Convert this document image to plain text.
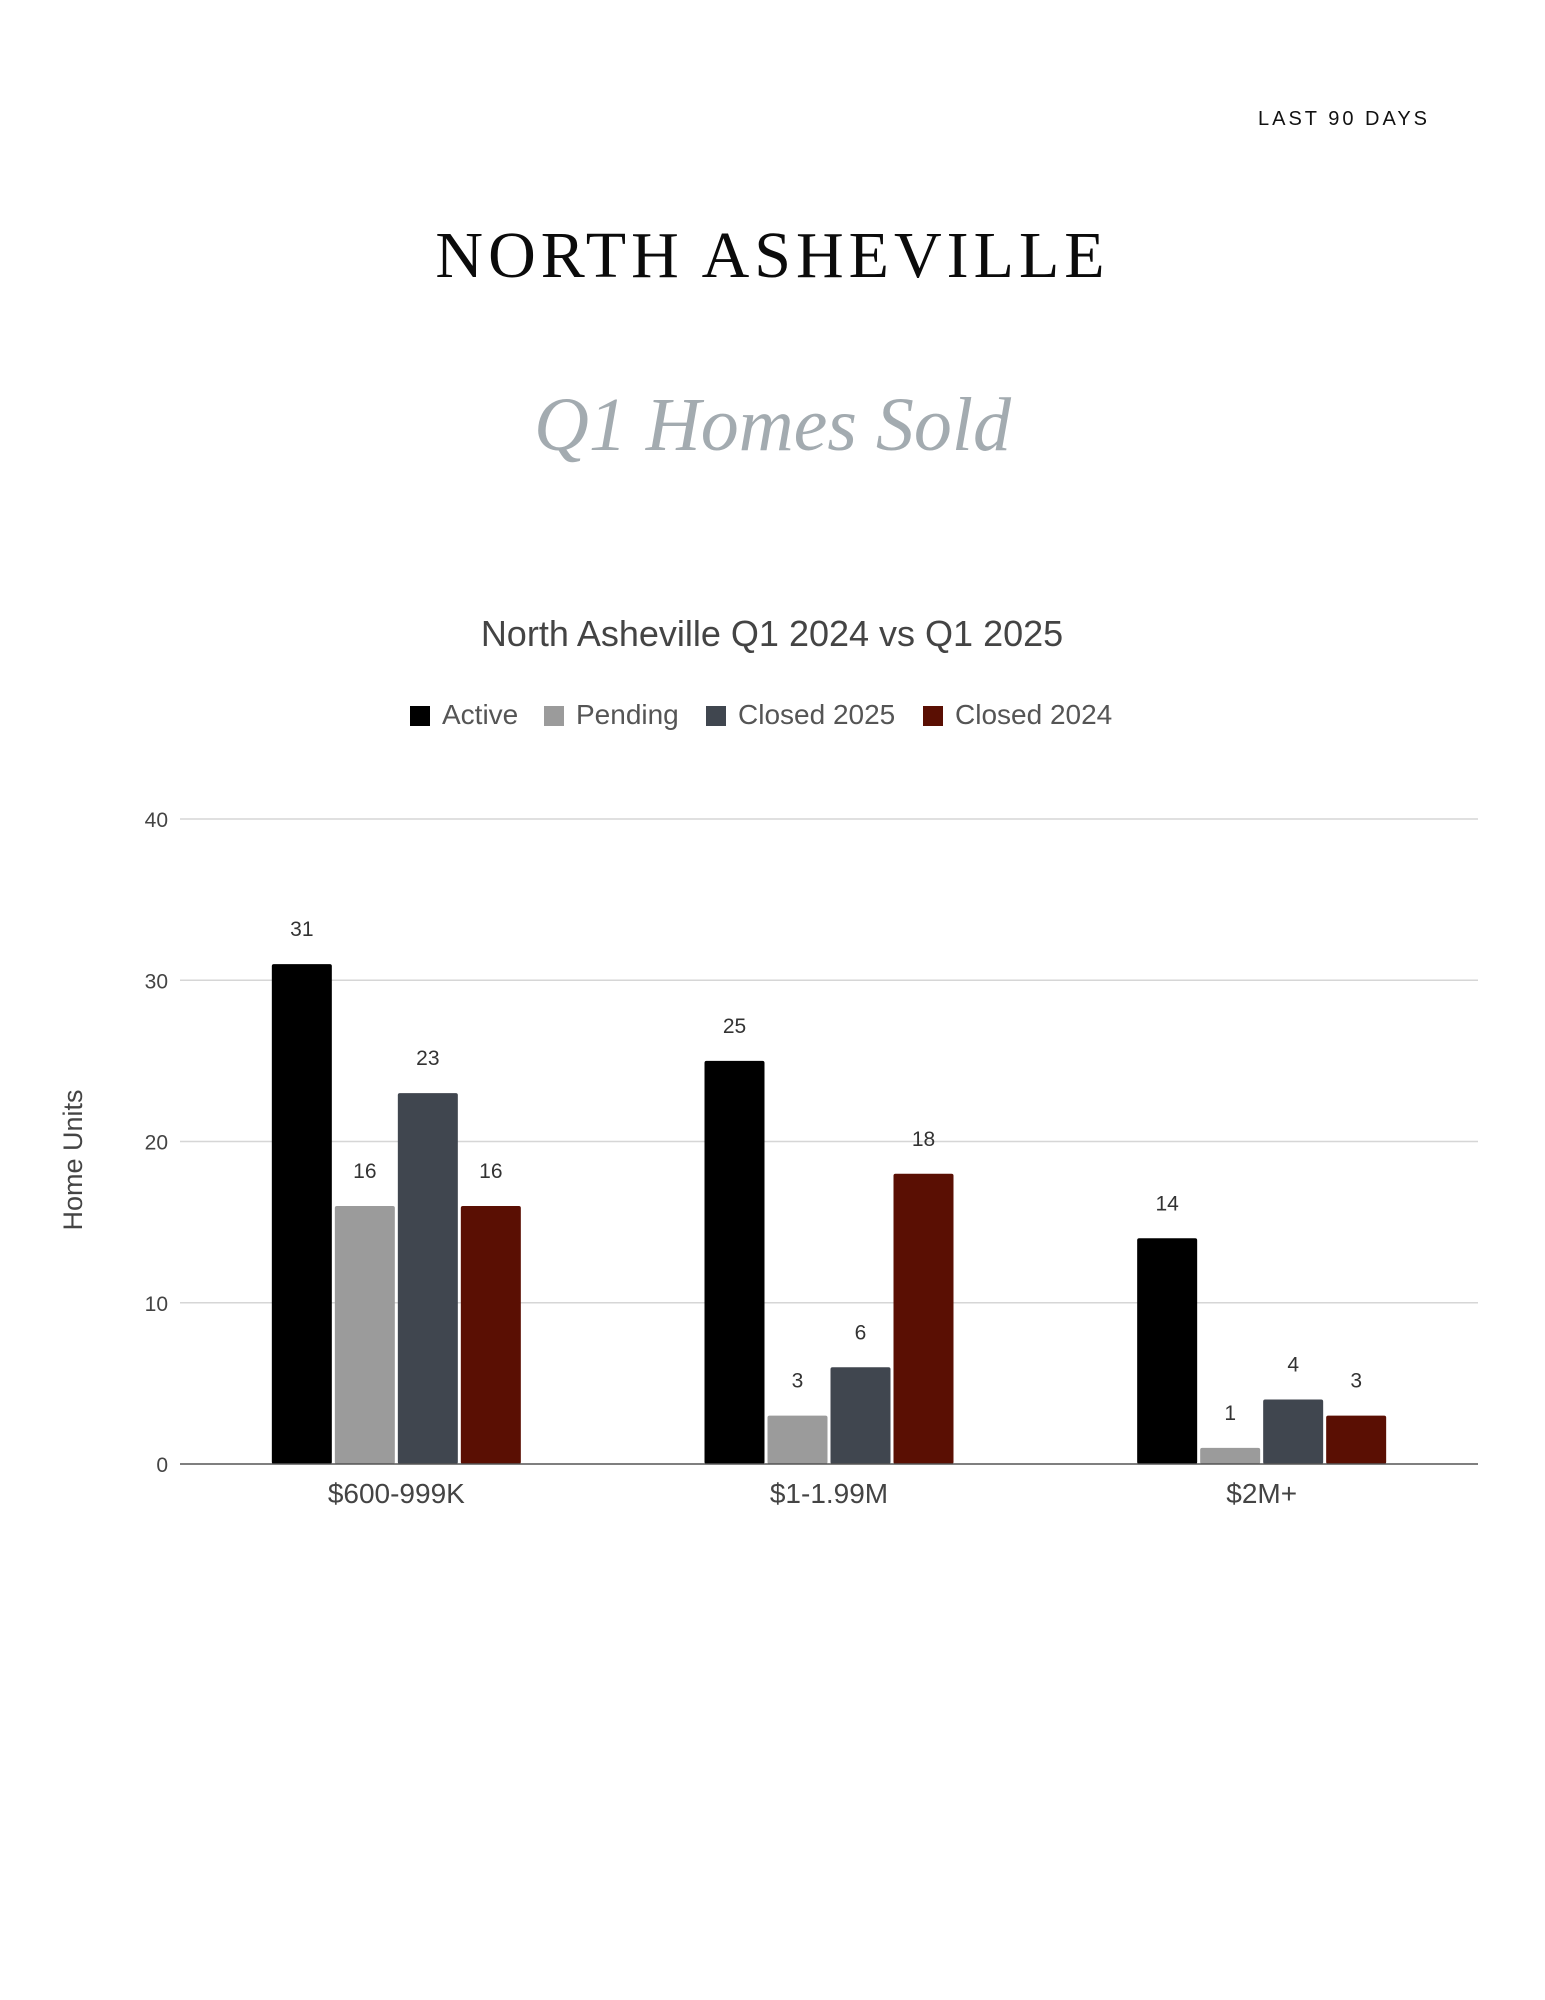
LAST 90 DAYS
NORTH ASHEVILLE
Q1 Homes Sold
North Asheville Q1 2024 vs Q1 2025
Active Pending Closed 2025 Closed 2024
0
10
20
30
40
Home Units
31
16
23
16
25
3
6
18
14
1
4
3
$600-999K	$1-1.99M	$2M+
